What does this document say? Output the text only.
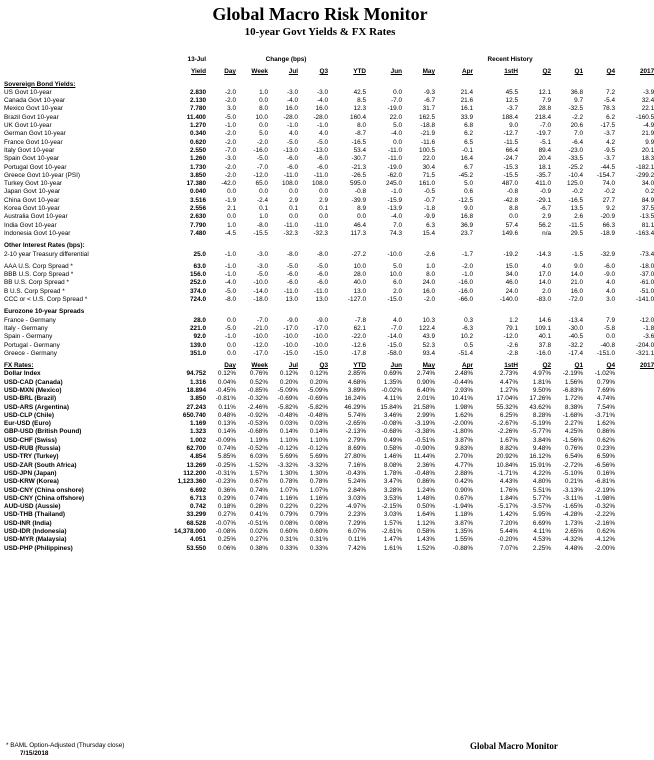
Global Macro Risk Monitor
10-year Govt Yields & FX Rates
	13-Jul	Change (bps)					Recent History							

	Yield	Day	Week	Jul	Q3	YTD	Jun	May	Apr	1stH	Q2	Q1	Q4	2017

Sovereign Bond Yields:														
US Govt 10-year	2.830	-2.0	1.0	-3.0	-3.0	42.5	0.0	-9.3	21.4	45.5	12.1	36.8	7.2	-3.9
Canada Govt 10-year	2.130	-2.0	0.0	-4.0	-4.0	8.5	-7.0	-6.7	21.6	12.5	7.9	9.7	-5.4	32.4
Mexico Govt 10-year	7.780	3.0	8.0	16.0	16.0	12.3	-19.0	31.7	16.1	-3.7	28.8	-32.5	78.3	22.1
Brazil Govt 10-year	11.400	-5.0	10.0	-28.0	-28.0	160.4	22.0	162.5	33.9	188.4	218.4	-2.2	6.2	-160.5
UK Govt 10-year	1.270	-1.0	0.0	-1.0	-1.0	8.0	5.0	-18.8	6.8	9.0	-7.0	20.6	-17.5	-4.9
German Govt 10-year	0.340	-2.0	5.0	4.0	4.0	-8.7	-4.0	-21.9	6.2	-12.7	-19.7	7.0	-3.7	21.9
France Govt 10-year	0.620	-2.0	-2.0	-5.0	-5.0	-16.5	0.0	-11.6	6.5	-11.5	-5.1	-6.4	4.2	9.9
Italy Govt 10-year	2.550	-7.0	-16.0	-13.0	-13.0	53.4	-11.0	100.5	-0.1	66.4	89.4	-23.0	-9.5	20.1
Spain Govt 10-year	1.260	-3.0	-5.0	-6.0	-6.0	-30.7	-11.0	22.0	16.4	-24.7	20.4	-33.5	-3.7	18.3
Portugal Govt 10-year	1.730	-2.0	-7.0	-6.0	-6.0	-21.3	-19.0	30.4	6.7	-15.3	18.1	-25.2	-44.5	-182.1
Greece Govt 10-year (PSI)	3.850	-2.0	-12.0	-11.0	-11.0	-26.5	-62.0	71.5	-45.2	-15.5	-35.7	-10.4	-154.7	-299.2
Turkey Govt 10-year	17.380	-42.0	65.0	108.0	108.0	595.0	245.0	161.0	5.0	487.0	411.0	125.0	74.0	34.0
Japan Govt 10-year	0.040	0.0	0.0	0.0	0.0	-0.8	-1.0	-0.5	0.6	-0.8	-0.9	-0.2	-0.2	0.2
China Govt 10-year	3.516	-1.9	-2.4	2.9	2.9	-39.9	-15.9	-0.7	-12.5	-42.8	-29.1	-16.5	27.7	84.9
Korea Govt 10-year	2.556	2.1	0.1	0.1	0.1	8.9	-13.9	-1.8	9.0	8.8	-6.7	13.5	9.2	37.5
Australia Govt 10-year	2.630	0.0	1.0	0.0	0.0	0.0	-4.0	-9.9	16.8	0.0	2.9	2.6	-20.9	-13.5
India Govt 10-year	7.790	1.0	-8.0	-11.0	-11.0	46.4	7.0	6.3	36.9	57.4	56.2	-11.5	66.3	81.1
Indonesia Govt 10-year	7.480	-4.5	-15.5	-32.3	-32.3	117.3	74.3	15.4	23.7	149.6	n/a	29.5	-18.9	-163.4

Other Interest Rates (bps):														
2-10 year Treasury differential	25.0	-1.0	-3.0	-8.0	-8.0	-27.2	-10.0	-2.6	-1.7	-19.2	-14.3	-1.5	-32.9	-73.4

AAA U.S. Corp Spread *	63.0	-1.0	-3.0	-5.0	-5.0	10.0	5.0	1.0	-2.0	15.0	4.0	9.0	-6.0	-18.0
BBB U.S. Corp Spread *	156.0	-1.0	-5.0	-6.0	-6.0	28.0	10.0	8.0	-1.0	34.0	17.0	14.0	-9.0	-37.0
BB U.S. Corp Spread *	252.0	-4.0	-10.0	-6.0	-6.0	40.0	6.0	24.0	-16.0	46.0	14.0	21.0	4.0	-61.0
B U.S. Corp Spread *	374.0	-5.0	-14.0	-11.0	-11.0	13.0	2.0	16.0	-16.0	24.0	2.0	16.0	4.0	-51.0
CCC or < U.S. Corp Spread *	724.0	-8.0	-18.0	13.0	13.0	-127.0	-15.0	-2.0	-66.0	-140.0	-83.0	-72.0	3.0	-141.0

Eurozone 10-year Spreads														
France - Germany	28.0	0.0	-7.0	-9.0	-9.0	-7.8	4.0	10.3	0.3	1.2	14.6	-13.4	7.9	-12.0
Italy - Germany	221.0	-5.0	-21.0	-17.0	-17.0	62.1	-7.0	122.4	-6.3	79.1	109.1	-30.0	-5.8	-1.8
Spain - Germany	92.0	-1.0	-10.0	-10.0	-10.0	-22.0	-14.0	43.9	10.2	-12.0	40.1	-40.5	0.0	-3.6
Portugal - Germany	139.0	0.0	-12.0	-10.0	-10.0	-12.6	-15.0	52.3	0.5	-2.6	37.8	-32.2	-40.8	-204.0
Greece - Germany	351.0	0.0	-17.0	-15.0	-15.0	-17.8	-58.0	93.4	-51.4	-2.8	-16.0	-17.4	-151.0	-321.1

FX Rates:		Day	Week	Jul	Q3	YTD	Jun	May	Apr	1stH	Q2	Q1	Q4	2017
Dollar Index	94.752	0.12%	0.76%	0.12%	0.12%	2.85%	0.69%	2.74%	2.48%	2.73%	4.97%	-2.19%	-1.02%	
USD-CAD (Canada)	1.316	0.04%	0.52%	0.20%	0.20%	4.68%	1.35%	0.90%	-0.44%	4.47%	1.81%	1.56%	0.79%	
USD-MXN (Mexico)	18.894	-0.45%	-0.85%	-5.09%	-5.09%	3.89%	-0.02%	6.40%	2.93%	1.27%	9.50%	-6.83%	7.69%	
USD-BRL (Brazil)	3.850	-0.81%	-0.32%	-0.69%	-0.69%	16.24%	4.11%	2.01%	10.41%	17.04%	17.26%	1.72%	4.74%	
USD-ARS (Argentina)	27.243	0.11%	-2.46%	-5.82%	-5.82%	46.29%	15.84%	21.58%	1.98%	55.32%	43.62%	8.38%	7.54%	
USD-CLP (Chile)	650.740	0.48%	-0.92%	-0.48%	-0.48%	5.74%	3.46%	2.99%	1.62%	6.25%	8.28%	-1.68%	-3.71%	
Eur-USD (Euro)	1.169	0.13%	-0.53%	0.03%	0.03%	-2.65%	-0.08%	-3.19%	-2.00%	-2.67%	-5.19%	2.27%	1.62%	
GBP-USD (British Pound)	1.323	0.14%	-0.68%	0.14%	0.14%	-2.13%	-0.68%	-3.38%	-1.80%	-2.26%	-5.77%	4.25%	0.86%	
USD-CHF (Swiss)	1.002	-0.09%	1.19%	1.10%	1.10%	2.79%	0.49%	-0.51%	3.87%	1.67%	3.84%	-1.56%	0.62%	
USD-RUB (Russia)	62.700	0.74%	-0.52%	-0.12%	-0.12%	8.69%	0.58%	-0.90%	9.83%	8.82%	9.48%	0.76%	0.23%	
USD-TRY (Turkey)	4.854	5.85%	6.03%	5.69%	5.69%	27.80%	1.46%	11.44%	2.70%	20.92%	16.12%	6.54%	6.59%	
USD-ZAR (South Africa)	13.269	-0.25%	-1.52%	-3.32%	-3.32%	7.16%	8.08%	2.36%	4.77%	10.84%	15.91%	-2.72%	-6.56%	
USD-JPN (Japan)	112.200	-0.31%	1.57%	1.30%	1.30%	-0.43%	1.78%	-0.48%	2.88%	-1.71%	4.22%	-5.10%	0.16%	
USD-KRW (Korea)	1,123.360	-0.23%	0.67%	0.78%	0.78%	5.24%	3.47%	0.86%	0.42%	4.43%	4.80%	0.21%	-6.81%	
USD-CNY (China onshore)	6.692	0.36%	0.74%	1.07%	1.07%	2.84%	3.28%	1.24%	0.90%	1.76%	5.51%	-3.13%	-2.19%	
USD-CNY (China offshore)	6.713	0.29%	0.74%	1.16%	1.16%	3.03%	3.53%	1.48%	0.67%	1.84%	5.77%	-3.11%	-1.98%	
AUD-USD (Aussie)	0.742	0.18%	0.28%	0.22%	0.22%	-4.97%	-2.15%	0.50%	-1.94%	-5.17%	-3.57%	-1.65%	-0.32%	
USD-THB (Thailand)	33.299	0.27%	0.41%	0.79%	0.79%	2.23%	3.03%	1.64%	1.18%	1.42%	5.95%	-4.28%	-2.22%	
USD-INR (India)	68.528	-0.07%	-0.51%	0.08%	0.08%	7.29%	1.57%	1.12%	3.87%	7.20%	6.69%	1.73%	-2.16%	
USD-IDR (Indonesia)	14,378.000	-0.08%	0.02%	0.60%	0.60%	6.07%	-2.61%	0.58%	1.35%	5.44%	4.11%	2.65%	0.62%	
USD-MYR (Malaysia)	4.051	0.25%	0.27%	0.31%	0.31%	0.11%	1.47%	1.43%	1.55%	-0.20%	4.53%	-4.32%	-4.12%	
USD-PHP (Philippines)	53.550	0.06%	0.38%	0.33%	0.33%	7.42%	1.61%	1.52%	-0.88%	7.07%	2.25%	4.48%	-2.00%	
* BAML Option-Adjusted (Thursday close)
7/15/2018
Global Macro Monitor
